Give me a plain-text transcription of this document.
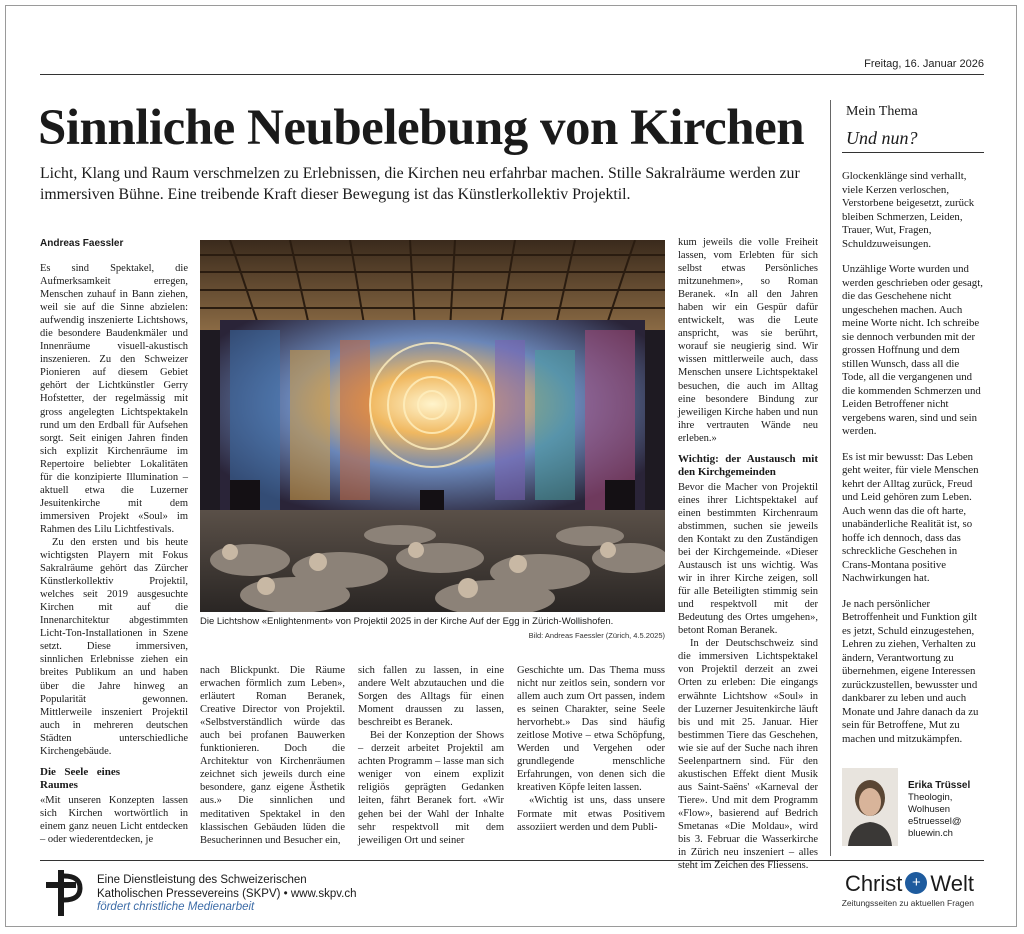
Freitag, 16. Januar 2026
Sinnliche Neubelebung von Kirchen
Licht, Klang und Raum verschmelzen zu Erlebnissen, die Kirchen neu erfahrbar machen. Stille Sakralräume werden zur immersiven Bühne. Eine treibende Kraft dieser Bewegung ist das Künstlerkollektiv Projektil.
Andreas Faessler

Es sind Spektakel, die Aufmerksamkeit erregen, Menschen zuhauf in Bann ziehen, weil sie auf die Sinne abzielen: aufwendig inszenierte Lichtshows, die besondere Baudenkmäler und Innenräume visuell-akustisch inszenieren. Zu den Schweizer Pionieren auf diesem Gebiet gehört der Lichtkünstler Gerry Hofstetter, der regelmässig mit gross angelegten Lichtspektakeln rund um den Erdball für Aufsehen sorgt. Seit einigen Jahren finden sich explizit Kirchenräume im Repertoire beliebter Lokalitäten für die konzipierte Illumination – aktuell etwa die Luzerner Jesuitenkirche mit dem immersiven Projekt «Soul» im Rahmen des Lilu Lichtfestivals.

Zu den ersten und bis heute wichtigsten Playern mit Fokus Sakralräume gehört das Zürcher Künstlerkollektiv Projektil, welches seit 2019 ausgesuchte Kirchen mit auf die Innenarchitektur abgestimmten Licht-Ton-Installationen in Szene setzt. Diese immersiven, sinnlichen Erlebnisse ziehen ein breites Publikum an und haben über die Jahre hinweg an Popularität gewonnen. Mittlerweile inszeniert Projektil auch in mehreren deutschen Städten unterschiedliche Kirchengebäude.

Die Seele eines Raumes

«Mit unseren Konzepten lassen sich Kirchen wortwörtlich in einem ganz neuen Licht entdecken – oder wiederentdecken, je

Die Lichtshow «Enlightenment» von Projektil 2025 in der Kirche Auf der Egg in Zürich-Wollishofen.
Bild: Andreas Faessler (Zürich, 4.5.2025)

nach Blickpunkt. Die Räume erwachen förmlich zum Leben», erläutert Roman Beranek, Creative Director von Projektil. «Selbstverständlich würde das auch bei profanen Bauwerken funktionieren. Doch die Architektur von Kirchenräumen zeichnet sich jeweils durch eine besondere, ganz eigene Ästhetik aus.» Die sinnlichen und meditativen Spektakel in den klassischen Gebäuden lüden die Besucherinnen und Besucher ein,

sich fallen zu lassen, in eine andere Welt abzutauchen und die Sorgen des Alltags für einen Moment draussen zu lassen, beschreibt es Beranek.

Bei der Konzeption der Shows – derzeit arbeitet Projektil am achten Programm – lasse man sich weniger von einem explizit religiös geprägten Gedanken leiten, fährt Beranek fort. «Wir gehen bei der Wahl der Inhalte sehr respektvoll mit dem jeweiligen Ort und seiner

Geschichte um. Das Thema muss nicht nur zeitlos sein, sondern vor allem auch zum Ort passen, indem es seinen Charakter, seine Seele hervorhebt.» Das sind häufig zeitlose Motive – etwa Schöpfung, Werden und Vergehen oder grundlegende menschliche Erfahrungen, von denen sich die kreativen Köpfe leiten lassen.

«Wichtig ist uns, dass unsere Formate mit etwas Positivem assoziiert werden und dem Publi-

kum jeweils die volle Freiheit lassen, vom Erlebten für sich selbst etwas Persönliches mitzunehmen», so Roman Beranek. «In all den Jahren haben wir ein Gespür dafür entwickelt, was die Leute anspricht, was sie berührt, worauf sie neugierig sind. Wir wissen mittlerweile auch, dass Menschen unsere Lichtspektakel besuchen, die auch im Alltag eine besondere Bindung zur jeweiligen Kirche haben und nun ihre vertrauten Wände neu erleben.»

Wichtig: der Austausch mit den Kirchgemeinden

Bevor die Macher von Projektil eines ihrer Lichtspektakel auf einen bestimmten Kirchenraum abstimmen, suchen sie jeweils den Kontakt zu den Zuständigen bei der Kirchgemeinde. «Dieser Austausch ist uns wichtig. Was wir in ihrer Kirche zeigen, soll für alle Beteiligten stimmig sein und respektvoll mit der Bedeutung des Ortes umgehen», betont Roman Beranek.

In der Deutschschweiz sind die immersiven Lichtspektakel von Projektil derzeit an zwei Orten zu erleben: Die eingangs erwähnte Lichtshow «Soul» in der Luzerner Jesuitenkirche läuft bis und mit 25. Januar. Hier bestimmen Tiere das Geschehen, wie sie auf der Suche nach ihren Seelenpartnern sind. Für den akustischen Effekt dient Musik aus Saint-Saëns' «Karneval der Tiere». Und mit dem Programm «Flow», basierend auf Bedrich Smetanas «Die Moldau», wird bis 3. Februar die Wasserkirche in Zürich neu inszeniert – alles steht im Zeichen des Fliessens.

Mein Thema
Und nun?

Glockenklänge sind verhallt, viele Kerzen verloschen, Verstorbene beigesetzt, zurück bleiben Schmerzen, Leiden, Trauer, Wut, Fragen, Schuldzuweisungen.

Unzählige Worte wurden und werden geschrieben oder gesagt, die das Geschehene nicht ungeschehen machen. Auch meine Worte nicht. Ich schreibe sie dennoch verbunden mit der grossen Hoffnung und dem stillen Wunsch, dass all die Tode, all die vergangenen und die kommenden Schmerzen und Leiden Betroffener nicht vergebens waren, sind und sein werden.

Es ist mir bewusst: Das Leben geht weiter, für viele Menschen kehrt der Alltag zurück, Freud und Leid gehören zum Leben. Auch wenn das die oft harte, unabänderliche Realität ist, so hoffe ich dennoch, dass das schreckliche Geschehen in Crans-Montana positive Nachwirkungen hat.

Je nach persönlicher Betroffenheit und Funktion gilt es jetzt, Schuld einzugestehen, Lehren zu ziehen, Verhalten zu ändern, Verantwortung zu übernehmen, eigene Interessen zurückzustellen, bewusster und dankbarer zu leben und auch Monate und Jahre danach da zu sein für Betroffene, Mut zu machen und mitzukämpfen.

Erika Trüssel
Theologin,
Wolhusen
e5truessel@
bluewin.ch
Eine Dienstleistung des Schweizerischen
Katholischen Pressevereins (SKPV) • www.skpv.ch
fördert christliche Medienarbeit
Christ + Welt
Zeitungsseiten zu aktuellen Fragen
